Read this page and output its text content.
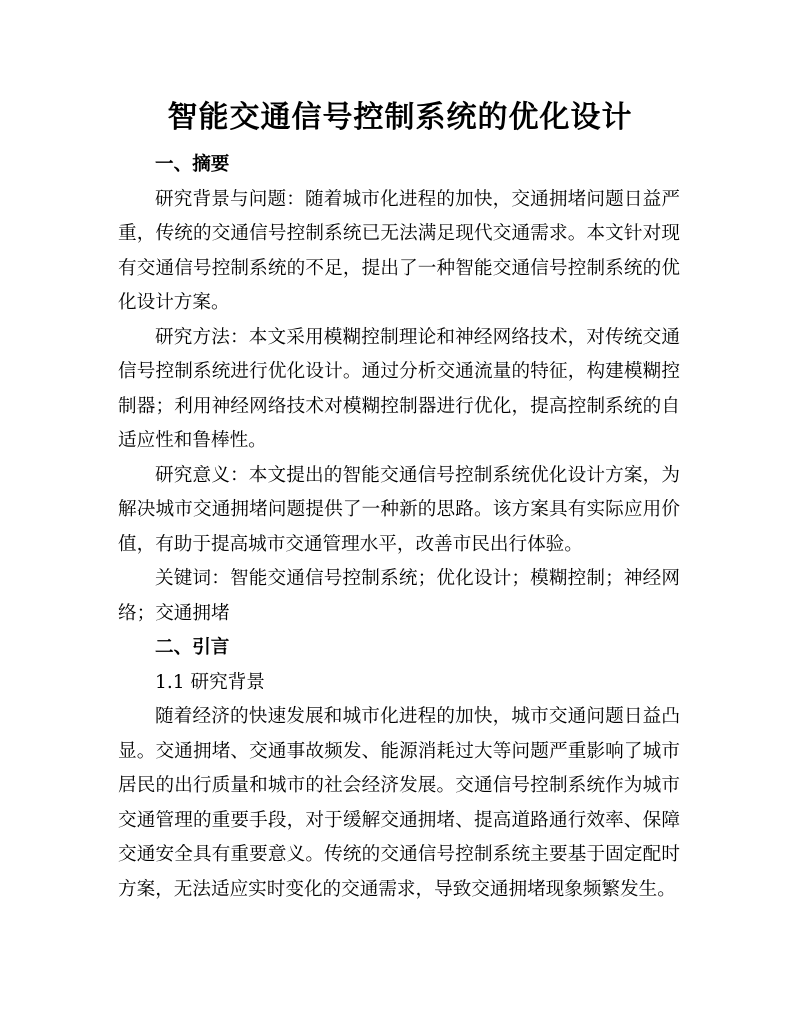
智能交通信号控制系统的优化设计
一、摘要

研究背景与问题：随着城市化进程的加快，交通拥堵问题日益严重，传统的交通信号控制系统已无法满足现代交通需求。本文针对现有交通信号控制系统的不足，提出了一种智能交通信号控制系统的优化设计方案。

研究方法：本文采用模糊控制理论和神经网络技术，对传统交通信号控制系统进行优化设计。通过分析交通流量的特征，构建模糊控制器；利用神经网络技术对模糊控制器进行优化，提高控制系统的自适应性和鲁棒性。

研究意义：本文提出的智能交通信号控制系统优化设计方案，为解决城市交通拥堵问题提供了一种新的思路。该方案具有实际应用价值，有助于提高城市交通管理水平，改善市民出行体验。

关键词：智能交通信号控制系统；优化设计；模糊控制；神经网络；交通拥堵

二、引言
1.1 研究背景

随着经济的快速发展和城市化进程的加快，城市交通问题日益凸显。交通拥堵、交通事故频发、能源消耗过大等问题严重影响了城市居民的出行质量和城市的社会经济发展。交通信号控制系统作为城市交通管理的重要手段，对于缓解交通拥堵、提高道路通行效率、保障交通安全具有重要意义。传统的交通信号控制系统主要基于固定配时方案，无法适应实时变化的交通需求，导致交通拥堵现象频繁发生。
